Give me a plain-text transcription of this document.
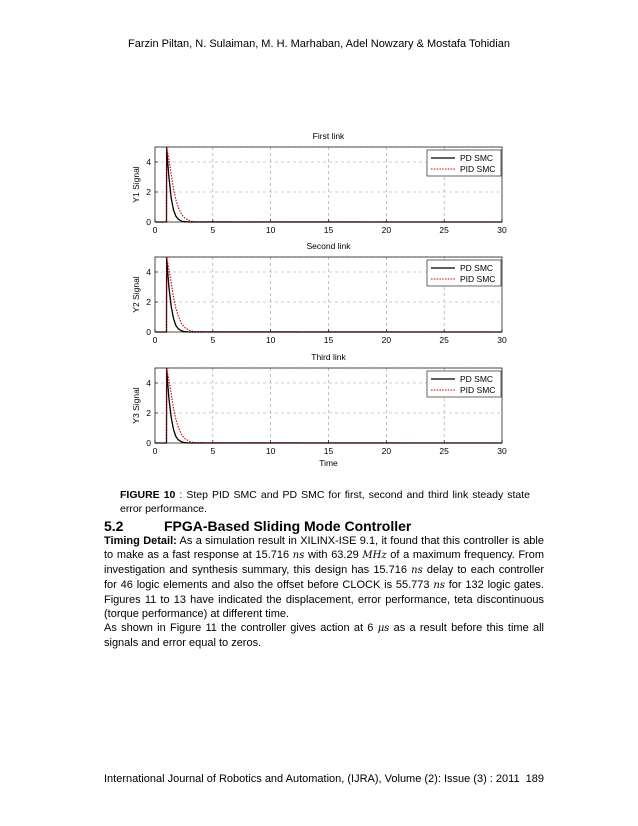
Farzin Piltan, N. Sulaiman, M. H. Marhaban, Adel Nowzary & Mostafa Tohidian
First link
0	5	10	15	20	25	30
0
2
4
Y1 Signal
PD SMC
PID SMC
Second link
0	5	10	15	20	25	30
0
2
4
Y2 Signal
PD SMC
PID SMC
Third link
0	5	10	15	20	25	30
0
2
4
Y3 Signal
Time
PD SMC
PID SMC
FIGURE 10 : Step PID SMC and PD SMC for first, second and third link steady state error performance.
5.2	FPGA-Based Sliding Mode Controller

Timing Detail: As a simulation result in XILINX-ISE 9.1, it found that this controller is able to make as a fast response at 15.716 ns with 63.29 MHz of a maximum frequency. From investigation and synthesis summary, this design has 15.716 ns delay to each controller for 46 logic elements and also the offset before CLOCK is 55.773 ns for 132 logic gates. Figures 11 to 13 have indicated the displacement, error performance, teta discontinuous (torque performance) at different time.

As shown in Figure 11 the controller gives action at 6 μs as a result before this time all signals and error equal to zeros.

International Journal of Robotics and Automation, (IJRA), Volume (2): Issue (3) : 2011 189
